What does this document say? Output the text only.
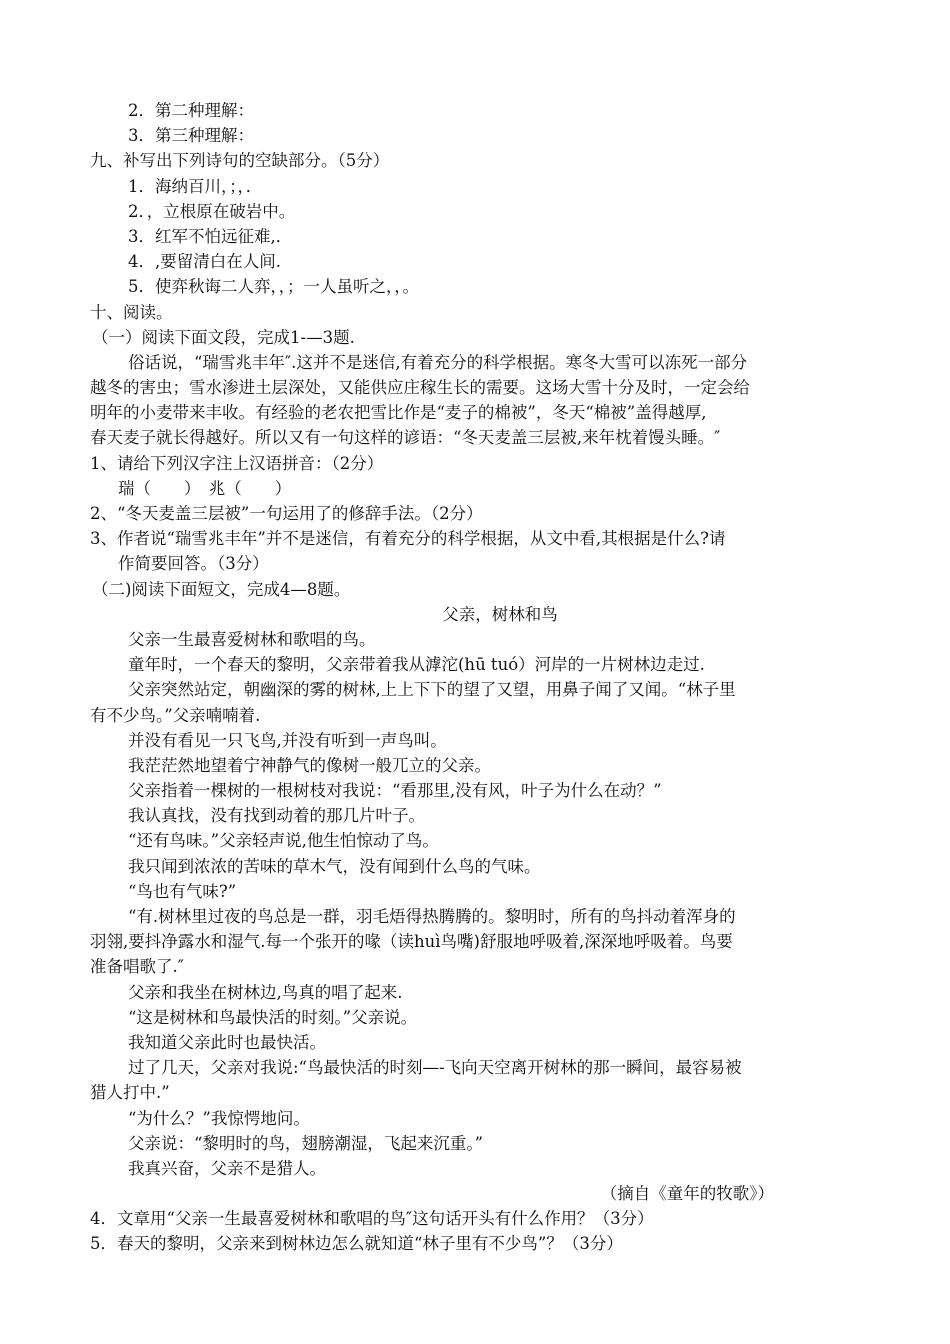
2．第二种理解：
3．第三种理解：
九、补写出下列诗句的空缺部分。（5分）
1．海纳百川，；，．
2．，立根原在破岩中。
3．红军不怕远征难,．
4．,要留清白在人间.
5．使弈秋诲二人弈，，；一人虽听之，，。
十、阅读。
（一）阅读下面文段，完成1-—3题.
俗话说，“瑞雪兆丰年″.这并不是迷信,有着充分的科学根据。寒冬大雪可以冻死一部分
越冬的害虫；雪水渗进土层深处，又能供应庄稼生长的需要。这场大雪十分及时，一定会给
明年的小麦带来丰收。有经验的老农把雪比作是“麦子的棉被”，冬天“棉被”盖得越厚,
春天麦子就长得越好。所以又有一句这样的谚语：“冬天麦盖三层被,来年枕着馒头睡。″
1、请给下列汉字注上汉语拼音：（2分）
瑞（　　）　兆（　　）
2、“冬天麦盖三层被”一句运用了的修辞手法。（2分）
3、作者说“瑞雪兆丰年”并不是迷信，有着充分的科学根据，从文中看,其根据是什么?请
作简要回答。（3分）
（二)阅读下面短文，完成4—8题。
父亲，树林和鸟
父亲一生最喜爱树林和歌唱的鸟。
童年时，一个春天的黎明，父亲带着我从滹沱(hū tuó）河岸的一片树林边走过.
父亲突然站定，朝幽深的雾的树林,上上下下的望了又望，用鼻子闻了又闻。“林子里
有不少鸟。”父亲喃喃着.
并没有看见一只飞鸟,并没有听到一声鸟叫。
我茫茫然地望着宁神静气的像树一般兀立的父亲。
父亲指着一棵树的一根树枝对我说：“看那里,没有风，叶子为什么在动？”
我认真找，没有找到动着的那几片叶子。
“还有鸟味。”父亲轻声说,他生怕惊动了鸟。
我只闻到浓浓的苦味的草木气，没有闻到什么鸟的气味。
“鸟也有气味?”
“有.树林里过夜的鸟总是一群，羽毛焐得热腾腾的。黎明时，所有的鸟抖动着浑身的
羽翎,要抖净露水和湿气.每一个张开的喙（读huì鸟嘴)舒服地呼吸着,深深地呼吸着。鸟要
准备唱歌了.″
父亲和我坐在树林边,鸟真的唱了起来.
“这是树林和鸟最快活的时刻。”父亲说。
我知道父亲此时也最快活。
过了几天，父亲对我说:“鸟最快活的时刻—-飞向天空离开树林的那一瞬间，最容易被
猎人打中.”
“为什么？”我惊愕地问。
父亲说：“黎明时的鸟，翅膀潮湿，飞起来沉重。”
我真兴奋，父亲不是猎人。
（摘自《童年的牧歌》）
4．文章用“父亲一生最喜爱树林和歌唱的鸟″这句话开头有什么作用？（3分）
5．春天的黎明，父亲来到树林边怎么就知道“林子里有不少鸟”？（3分）
